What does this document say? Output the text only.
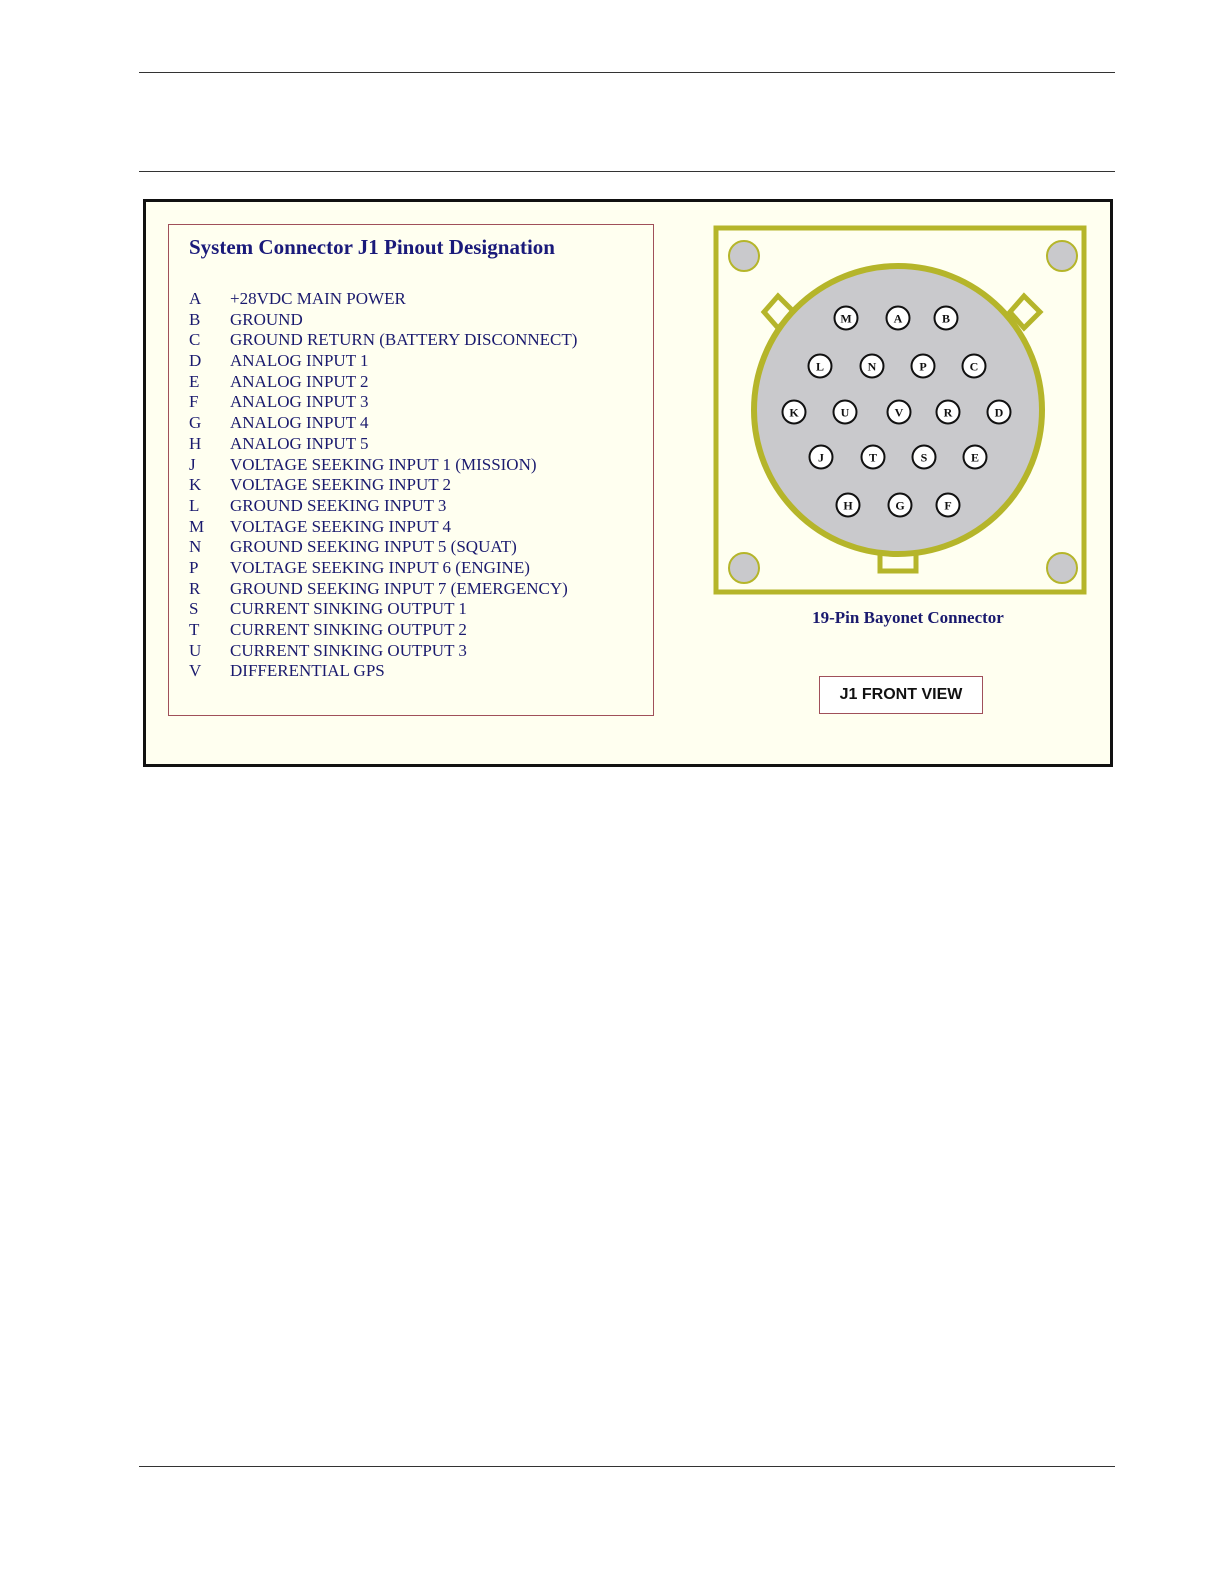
System Connector J1 Pinout Designation
A	+28VDC MAIN POWER
B	GROUND
C	GROUND RETURN (BATTERY DISCONNECT)
D	ANALOG INPUT 1
E	ANALOG INPUT 2
F	ANALOG INPUT 3
G	ANALOG INPUT 4
H	ANALOG INPUT 5
J	VOLTAGE SEEKING INPUT 1 (MISSION)
K	VOLTAGE SEEKING INPUT 2
L	GROUND SEEKING INPUT 3
M	VOLTAGE SEEKING INPUT 4
N	GROUND SEEKING INPUT 5 (SQUAT)
P	VOLTAGE SEEKING INPUT 6 (ENGINE)
R	GROUND SEEKING INPUT 7 (EMERGENCY)
S	CURRENT SINKING OUTPUT 1
T	CURRENT SINKING OUTPUT 2
U	CURRENT SINKING OUTPUT 3
V	DIFFERENTIAL GPS
M	A	B
L	N	P	C
K	U	V	R	D
J	T	S	E
H	G	F

19-Pin Bayonet Connector

J1 FRONT VIEW
